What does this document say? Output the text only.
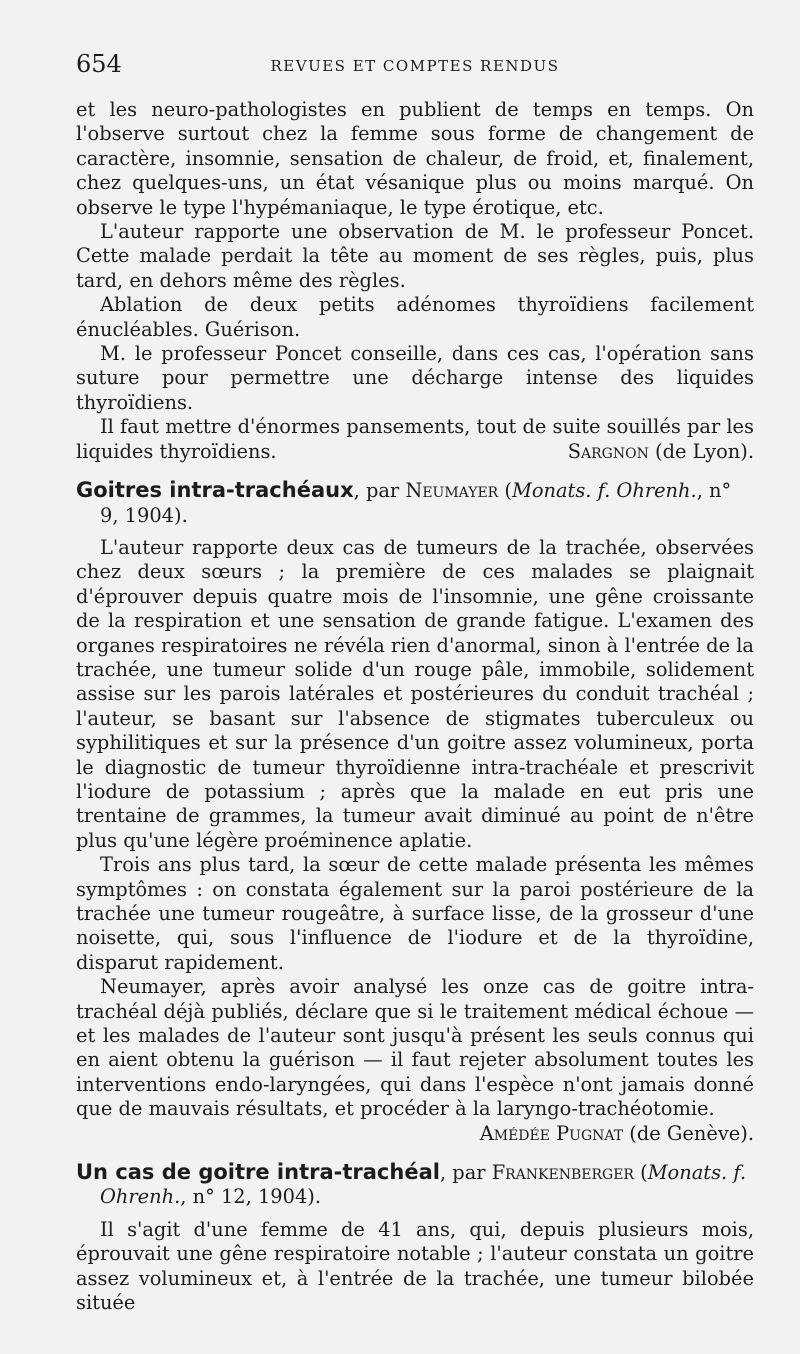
654	REVUES ET COMPTES RENDUS

et les neuro-pathologistes en publient de temps en temps. On l'observe surtout chez la femme sous forme de changement de caractère, insomnie, sensation de chaleur, de froid, et, finalement, chez quelques-uns, un état vésanique plus ou moins marqué. On observe le type l'hypémaniaque, le type érotique, etc.

L'auteur rapporte une observation de M. le professeur Poncet. Cette malade perdait la tête au moment de ses règles, puis, plus tard, en dehors même des règles.

Ablation de deux petits adénomes thyroïdiens facilement énucléables. Guérison.

M. le professeur Poncet conseille, dans ces cas, l'opération sans suture pour permettre une décharge intense des liquides thyroïdiens.

Il faut mettre d'énormes pansements, tout de suite souillés par les liquides thyroïdiens.	Sargnon (de Lyon).

Goitres intra-trachéaux, par Neumayer (Monats. f. Ohrenh., n° 9, 1904).

L'auteur rapporte deux cas de tumeurs de la trachée, observées chez deux sœurs ; la première de ces malades se plaignait d'éprouver depuis quatre mois de l'insomnie, une gêne croissante de la respiration et une sensation de grande fatigue. L'examen des organes respiratoires ne révéla rien d'anormal, sinon à l'entrée de la trachée, une tumeur solide d'un rouge pâle, immobile, solidement assise sur les parois latérales et postérieures du conduit trachéal ; l'auteur, se basant sur l'absence de stigmates tuberculeux ou syphilitiques et sur la présence d'un goitre assez volumineux, porta le diagnostic de tumeur thyroïdienne intra-trachéale et prescrivit l'iodure de potassium ; après que la malade en eut pris une trentaine de grammes, la tumeur avait diminué au point de n'être plus qu'une légère proéminence aplatie.

Trois ans plus tard, la sœur de cette malade présenta les mêmes symptômes : on constata également sur la paroi postérieure de la trachée une tumeur rougeâtre, à surface lisse, de la grosseur d'une noisette, qui, sous l'influence de l'iodure et de la thyroïdine, disparut rapidement.

Neumayer, après avoir analysé les onze cas de goitre intra-trachéal déjà publiés, déclare que si le traitement médical échoue — et les malades de l'auteur sont jusqu'à présent les seuls connus qui en aient obtenu la guérison — il faut rejeter absolument toutes les interventions endo-laryngées, qui dans l'espèce n'ont jamais donné que de mauvais résultats, et procéder à la laryngo-trachéotomie.

Amédée Pugnat (de Genève).

Un cas de goitre intra-trachéal, par Frankenberger (Monats. f. Ohrenh., n° 12, 1904).

Il s'agit d'une femme de 41 ans, qui, depuis plusieurs mois, éprouvait une gêne respiratoire notable ; l'auteur constata un goitre assez volumineux et, à l'entrée de la trachée, une tumeur bilobée située
